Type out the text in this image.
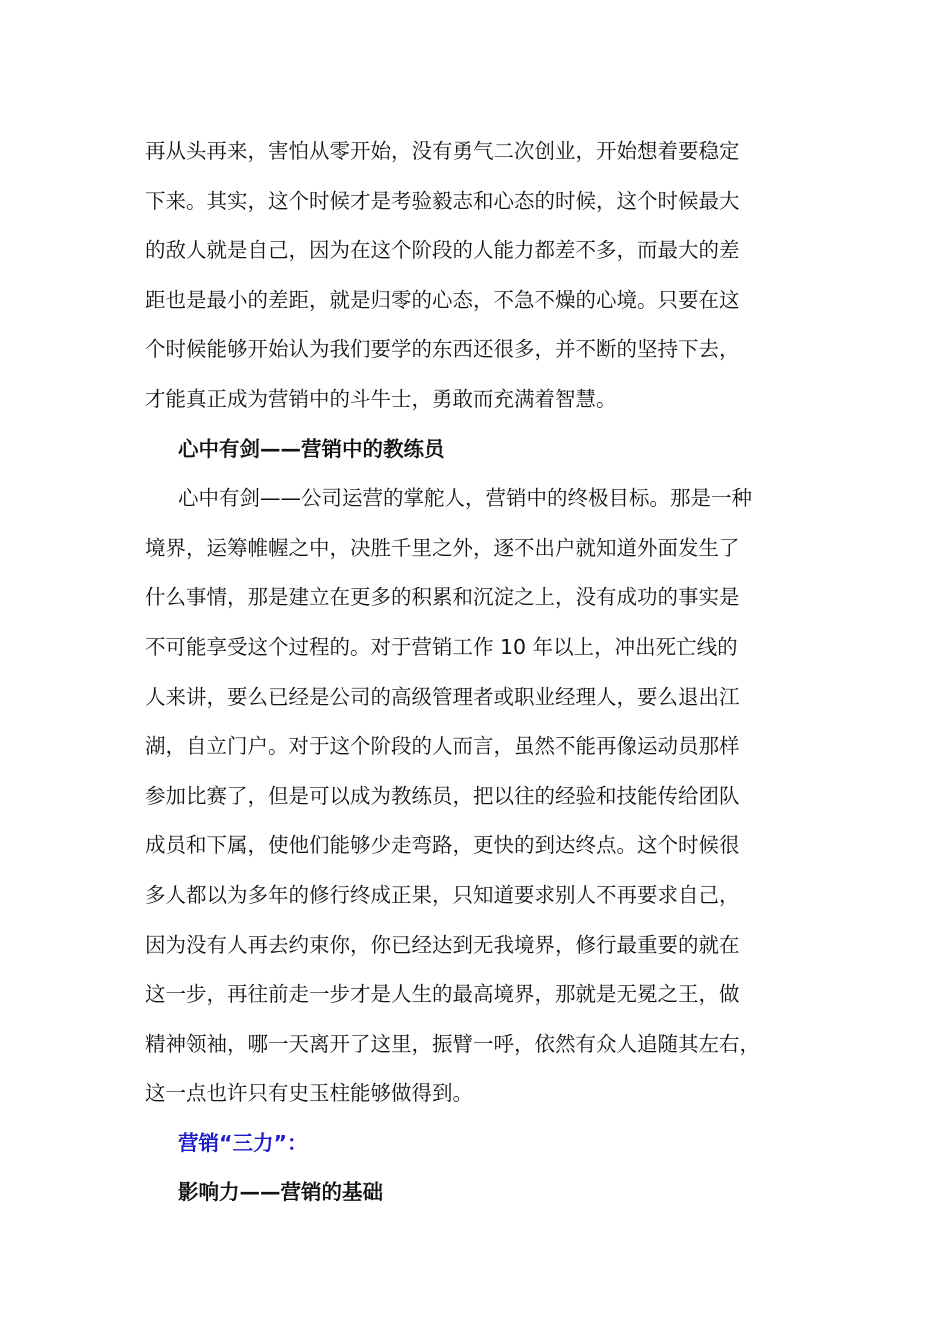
再从头再来，害怕从零开始，没有勇气二次创业，开始想着要稳定
下来。其实，这个时候才是考验毅志和心态的时候，这个时候最大
的敌人就是自己，因为在这个阶段的人能力都差不多，而最大的差
距也是最小的差距，就是归零的心态，不急不燥的心境。只要在这
个时候能够开始认为我们要学的东西还很多，并不断的坚持下去，
才能真正成为营销中的斗牛士，勇敢而充满着智慧。
心中有剑——营销中的教练员
心中有剑——公司运营的掌舵人，营销中的终极目标。那是一种
境界，运筹帷幄之中，决胜千里之外，逐不出户就知道外面发生了
什么事情，那是建立在更多的积累和沉淀之上，没有成功的事实是
不可能享受这个过程的。对于营销工作 10 年以上，冲出死亡线的
人来讲，要么已经是公司的高级管理者或职业经理人，要么退出江
湖，自立门户。对于这个阶段的人而言，虽然不能再像运动员那样
参加比赛了，但是可以成为教练员，把以往的经验和技能传给团队
成员和下属，使他们能够少走弯路，更快的到达终点。这个时候很
多人都以为多年的修行终成正果，只知道要求别人不再要求自己，
因为没有人再去约束你，你已经达到无我境界，修行最重要的就在
这一步，再往前走一步才是人生的最高境界，那就是无冕之王，做
精神领袖，哪一天离开了这里，振臂一呼，依然有众人追随其左右，
这一点也许只有史玉柱能够做得到。
营销“三力”：
影响力——营销的基础
